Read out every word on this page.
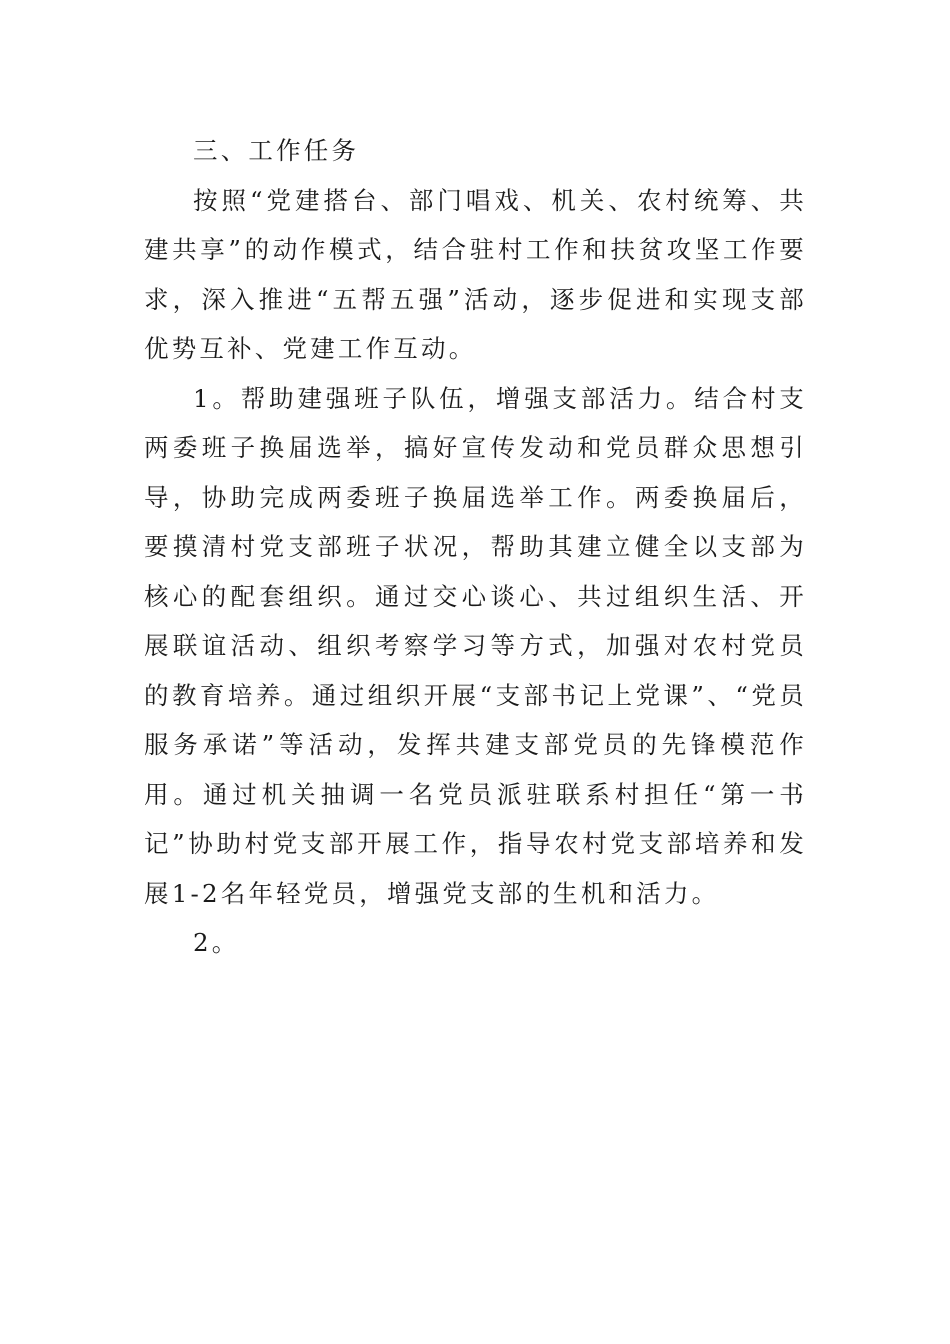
三、工作任务

按照“党建搭台、部门唱戏、机关、农村统筹、共建共享”的动作模式，结合驻村工作和扶贫攻坚工作要求，深入推进“五帮五强”活动，逐步促进和实现支部优势互补、党建工作互动。

1。帮助建强班子队伍，增强支部活力。结合村支两委班子换届选举，搞好宣传发动和党员群众思想引导，协助完成两委班子换届选举工作。两委换届后，要摸清村党支部班子状况，帮助其建立健全以支部为核心的配套组织。通过交心谈心、共过组织生活、开展联谊活动、组织考察学习等方式，加强对农村党员的教育培养。通过组织开展“支部书记上党课”、“党员服务承诺”等活动，发挥共建支部党员的先锋模范作用。通过机关抽调一名党员派驻联系村担任“第一书记”协助村党支部开展工作，指导农村党支部培养和发展1-2名年轻党员，增强党支部的生机和活力。

2。
